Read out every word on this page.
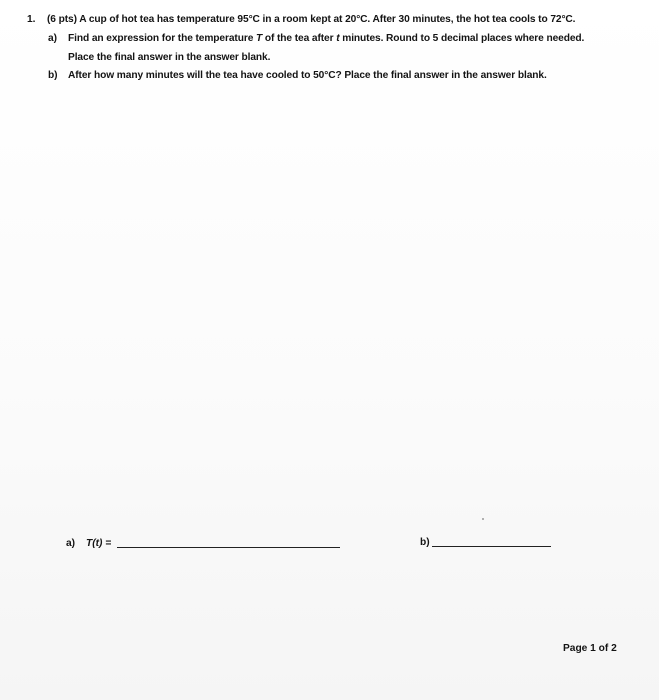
1. (6 pts) A cup of hot tea has temperature 95°C in a room kept at 20°C. After 30 minutes, the hot tea cools to 72°C.
a) Find an expression for the temperature T of the tea after t minutes. Round to 5 decimal places where needed.
Place the final answer in the answer blank.
b) After how many minutes will the tea have cooled to 50°C? Place the final answer in the answer blank.
a) T(t) =	b)
Page 1 of 2
